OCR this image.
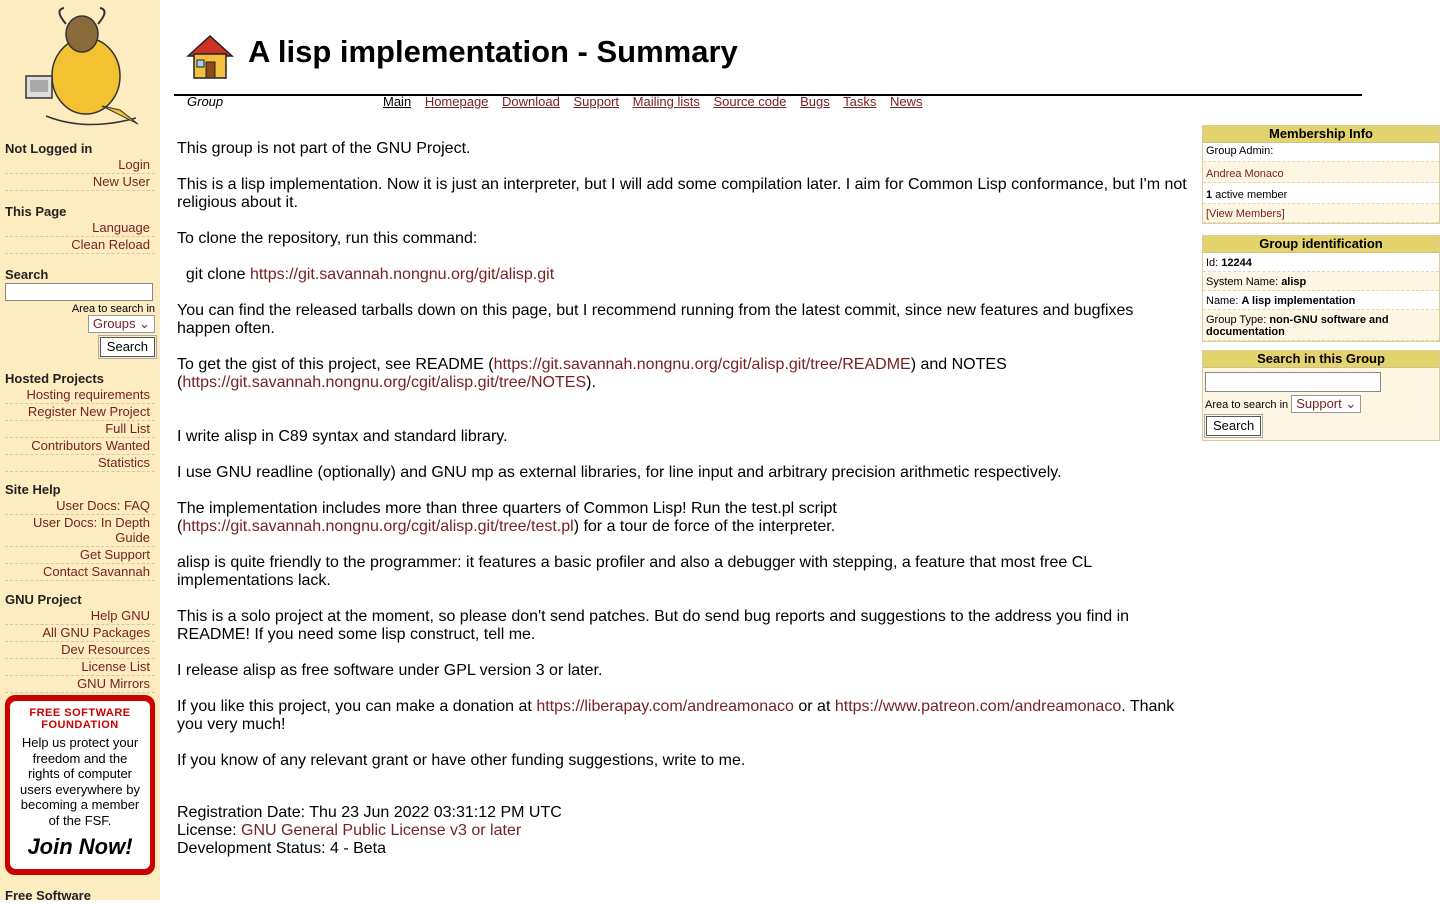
Not Logged in
Login
New User
This Page
Language
Clean Reload
Search
Area to search in
Groups ⌄
Search
Hosted Projects
Hosting requirements
Register New Project
Full List
Contributors Wanted
Statistics
Site Help
User Docs: FAQ
User Docs: In Depth Guide
Get Support
Contact Savannah
GNU Project
Help GNU
All GNU Packages
Dev Resources
License List
GNU Mirrors
FREE SOFTWARE FOUNDATION
Help us protect your freedom and the rights of computer users everywhere by becoming a member of the FSF.
Join Now!
Free Software
A lisp implementation - Summary
Group	Main Homepage Download Support Mailing lists Source code Bugs Tasks News

This group is not part of the GNU Project.

This is a lisp implementation. Now it is just an interpreter, but I will add some compilation later. I aim for Common Lisp conformance, but I'm not religious about it.

To clone the repository, run this command:

git clone https://git.savannah.nongnu.org/git/alisp.git

You can find the released tarballs down on this page, but I recommend running from the latest commit, since new features and bugfixes happen often.

To get the gist of this project, see README (https://git.savannah.nongnu.org/cgit/alisp.git/tree/README) and NOTES (https://git.savannah.nongnu.org/cgit/alisp.git/tree/NOTES).

I write alisp in C89 syntax and standard library.

I use GNU readline (optionally) and GNU mp as external libraries, for line input and arbitrary precision arithmetic respectively.

The implementation includes more than three quarters of Common Lisp! Run the test.pl script (https://git.savannah.nongnu.org/cgit/alisp.git/tree/test.pl) for a tour de force of the interpreter.

alisp is quite friendly to the programmer: it features a basic profiler and also a debugger with stepping, a feature that most free CL implementations lack.

This is a solo project at the moment, so please don't send patches. But do send bug reports and suggestions to the address you find in README! If you need some lisp construct, tell me.

I release alisp as free software under GPL version 3 or later.

If you like this project, you can make a donation at https://liberapay.com/andreamonaco or at https://www.patreon.com/andreamonaco. Thank you very much!

If you know of any relevant grant or have other funding suggestions, write to me.

Registration Date: Thu 23 Jun 2022 03:31:12 PM UTC
License: GNU General Public License v3 or later
Development Status: 4 - Beta
Membership Info
Group Admin:
Andrea Monaco
1 active member
[View Members]
Group identification
Id: 12244
System Name: alisp
Name: A lisp implementation
Group Type: non-GNU software and documentation
Search in this Group
Area to search in Support ⌄
Search
